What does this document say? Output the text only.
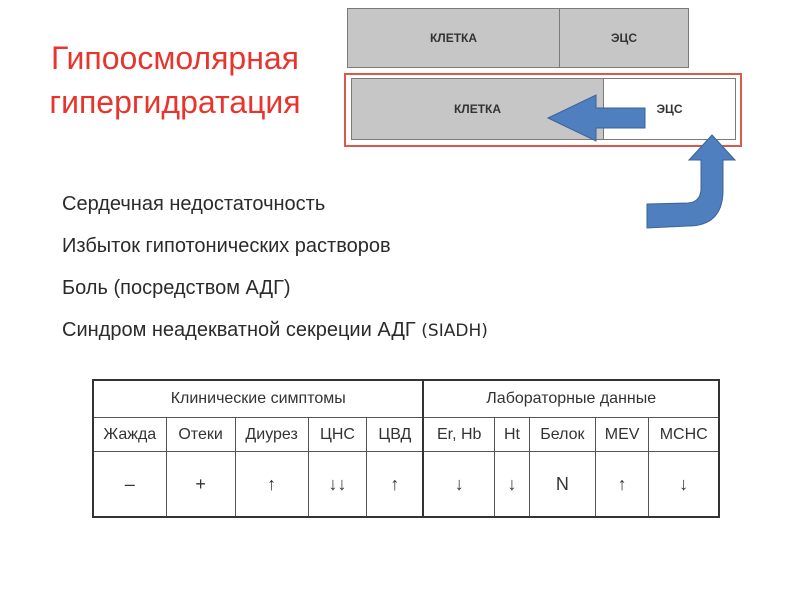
Гипоосмолярная
гипергидратация
КЛЕТКА	ЭЦС
КЛЕТКА	ЭЦС
Сердечная недостаточность
Избыток гипотонических растворов
Боль (посредством АДГ)
Синдром неадекватной секреции АДГ (SIADH)
Клинические симптомы					Лабораторные данные				
Жажда	Отеки	Диурез	ЦНС	ЦВД	Er, Hb	Ht	Белок	MEV	MCHC
–	+	↑	↓↓	↑	↓	↓	N	↑	↓
